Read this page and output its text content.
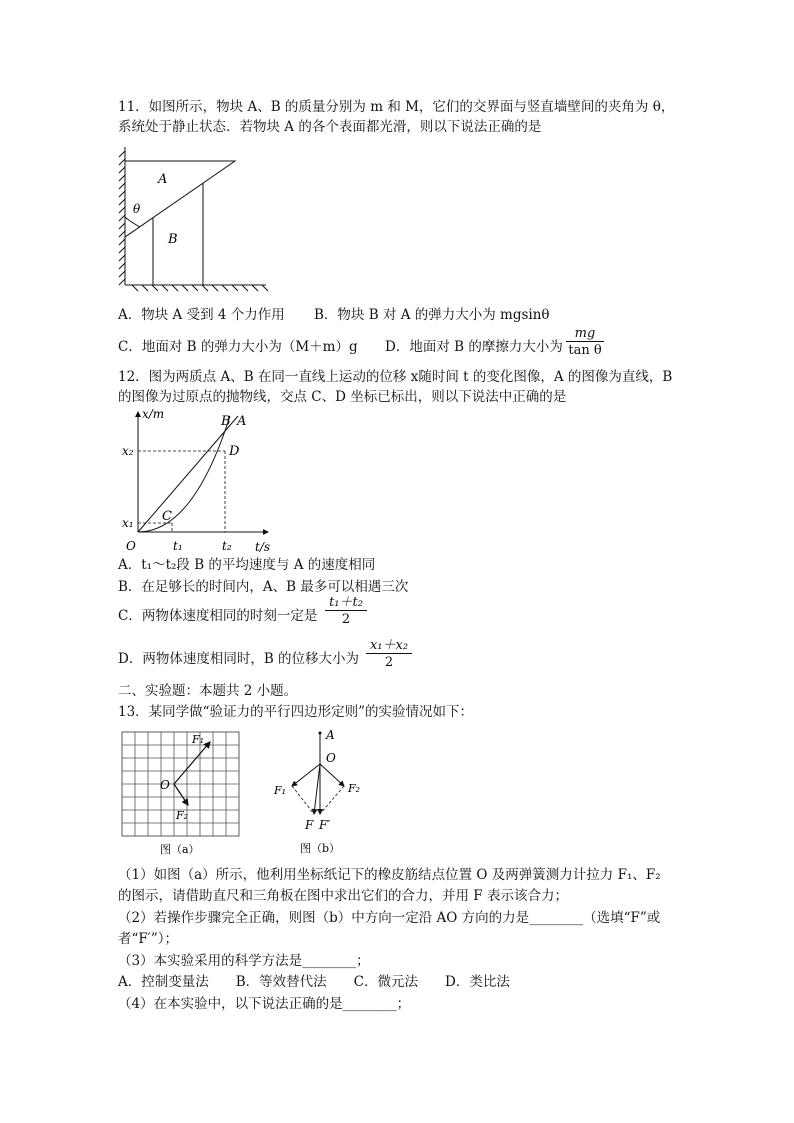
11．如图所示，物块 A、B 的质量分别为 m 和 M，它们的交界面与竖直墙壁间的夹角为 θ，
系统处于静止状态．若物块 A 的各个表面都光滑，则以下说法正确的是
A
θ
B
A．物块 A 受到 4 个力作用 B．物块 B 对 A 的弹力大小为 mgsinθ
C．地面对 B 的弹力大小为（M＋m）g D．地面对 B 的摩擦力大小为 $\frac{mg}{\text{tan θ}}$
12．图为两质点 A、B 在同一直线上运动的位移 x随时间 t 的变化图像，A 的图像为直线，B
的图像为过原点的抛物线，交点 C、D 坐标已标出，则以下说法中正确的是
x/m
t/s
O
x₁
x₂
t₁	t₂
C
D
B A
A．t₁～t₂段 B 的平均速度与 A 的速度相同
B．在足够长的时间内，A、B 最多可以相遇三次
C．两物体速度相同的时刻一定是 $\frac{\text{t₁＋t₂}}{2}$
D．两物体速度相同时，B 的位移大小为 $\frac{\text{x₁＋x₂}}{2}$
二、实验题：本题共 2 小题。
13．某同学做“验证力的平行四边形定则”的实验情况如下：
O
F₁
F₂
图（a）
A
O
F₁	F₂
F F′
图（b）
（1）如图（a）所示，他利用坐标纸记下的橡皮筋结点位置 O 及两弹簧测力计拉力 F₁、F₂
的图示，请借助直尺和三角板在图中求出它们的合力，并用 F 表示该合力；
（2）若操作步骤完全正确，则图（b）中方向一定沿 AO 方向的力是________（选填“F”或
者“F′”）；
（3）本实验采用的科学方法是________；
A．控制变量法　　B．等效替代法　　C．微元法　　D．类比法
（4）在本实验中，以下说法正确的是________；
